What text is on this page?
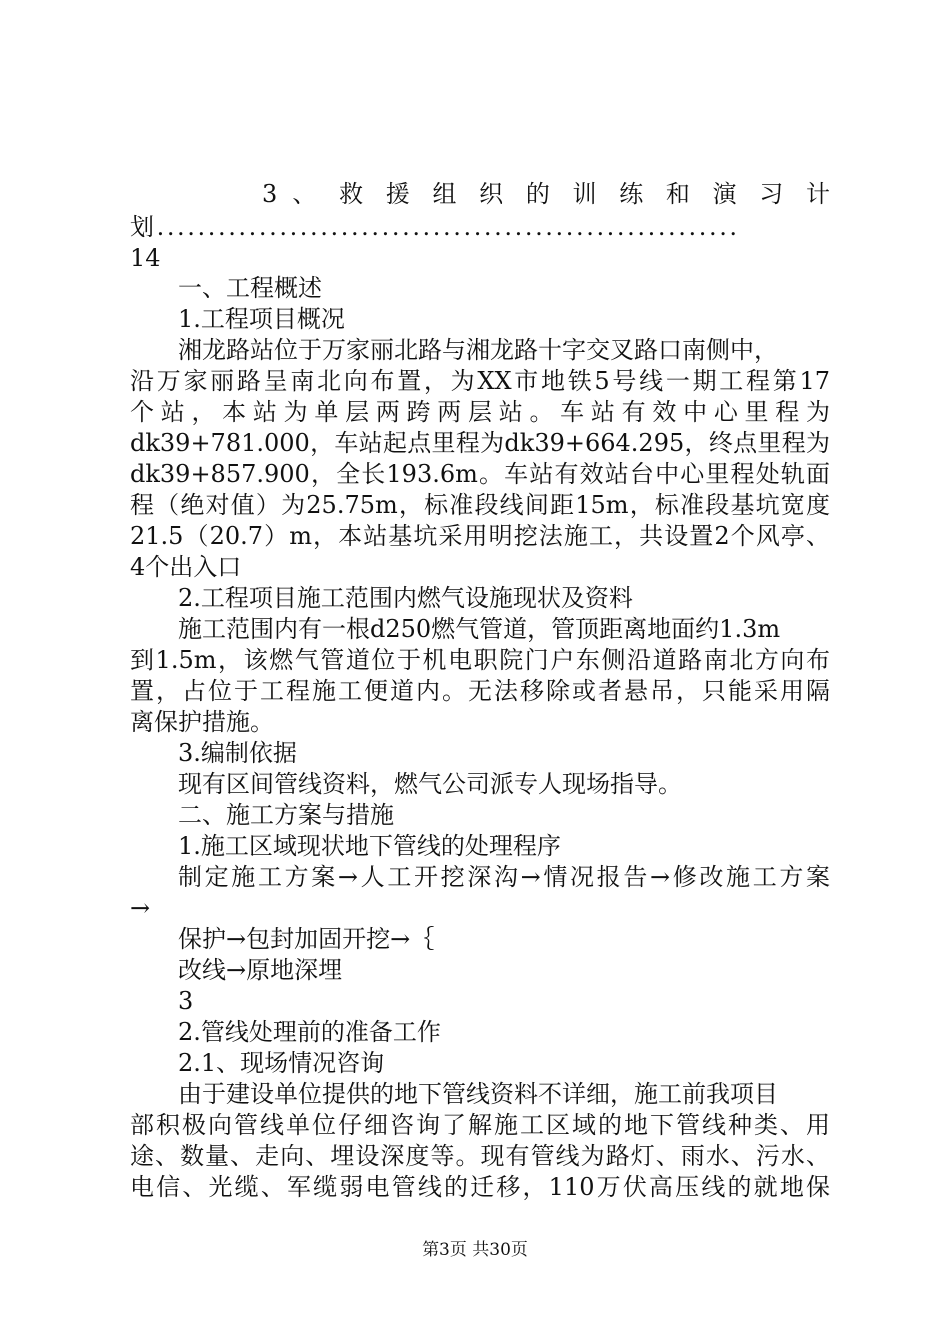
3 、 救 援 组 织 的 训 练 和 演 习 计
划.........................................................
14
一、工程概述
1.工程项目概况
湘龙路站位于万家丽北路与湘龙路十字交叉路口南侧中，
沿万家丽路呈南北向布置，为XX市地铁5号线一期工程第17
个站，本站为单层两跨两层站。车站有效中心里程为
dk39+781.000，车站起点里程为dk39+664.295，终点里程为
dk39+857.900，全长193.6m。车站有效站台中心里程处轨面
程（绝对值）为25.75m，标准段线间距15m，标准段基坑宽度
21.5（20.7）m，本站基坑采用明挖法施工，共设置2个风亭、
4个出入口
2.工程项目施工范围内燃气设施现状及资料
施工范围内有一根d250燃气管道，管顶距离地面约1.3m
到1.5m，该燃气管道位于机电职院门户东侧沿道路南北方向布
置，占位于工程施工便道内。无法移除或者悬吊，只能采用隔
离保护措施。
3.编制依据
现有区间管线资料，燃气公司派专人现场指导。
二、施工方案与措施
1.施工区域现状地下管线的处理程序
制定施工方案→人工开挖深沟→情况报告→修改施工方案
→
保护→包封加固开挖→｛
改线→原地深埋
3
2.管线处理前的准备工作
2.1、现场情况咨询
由于建设单位提供的地下管线资料不详细，施工前我项目
部积极向管线单位仔细咨询了解施工区域的地下管线种类、用
途、数量、走向、埋设深度等。现有管线为路灯、雨水、污水、
电信、光缆、军缆弱电管线的迁移，110万伏高压线的就地保
第3页 共30页
